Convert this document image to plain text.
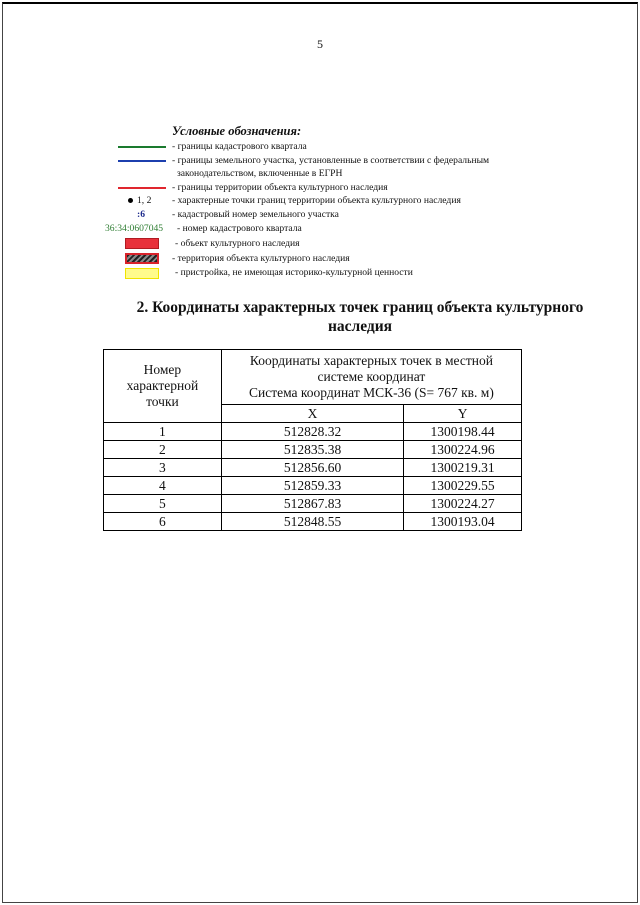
5
Условные обозначения:
- границы кадастрового квартала
- границы земельного участка, установленные в соответствии с федеральным
законодательством, включенные в ЕГРН
- границы территории объекта культурного наследия
1, 2 - характерные точки границ территории объекта культурного наследия
:6	- кадастровый номер земельного участка
36:34:0607045 - номер кадастрового квартала
- объект культурного наследия
- территория объекта культурного наследия
- пристройка, не имеющая историко-культурной ценности
2. Координаты характерных точек границ объекта культурного
наследия
Номер характерной точки	Координаты характерных точек в местной системе координат
Система координат МСК-36 (S= 767 кв. м)	

	X	Y
1	512828.32	1300198.44
2	512835.38	1300224.96
3	512856.60	1300219.31
4	512859.33	1300229.55
5	512867.83	1300224.27
6	512848.55	1300193.04
